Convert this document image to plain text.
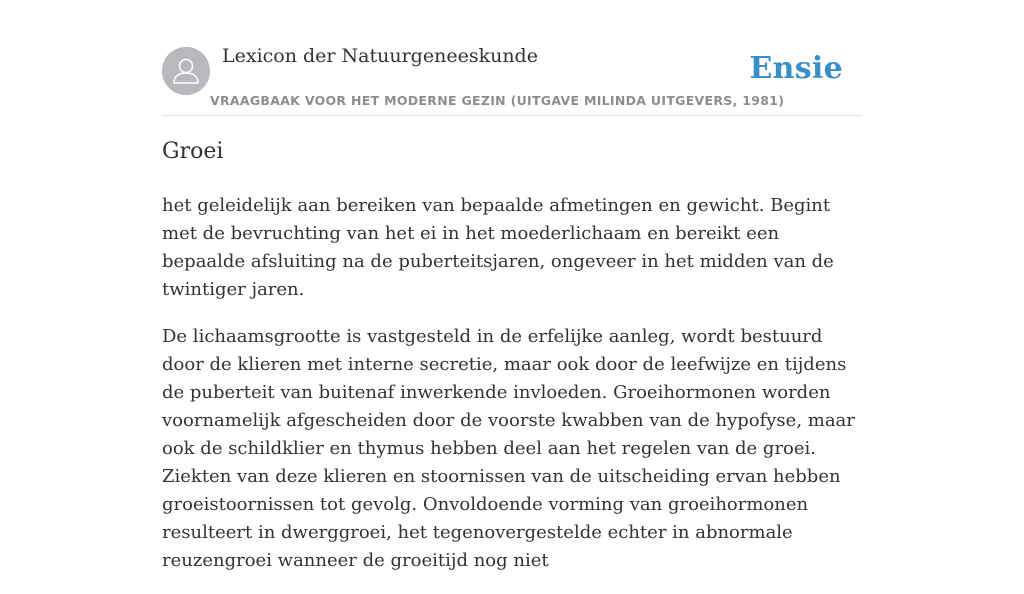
Lexicon der Natuurgeneeskunde
VRAAGBAAK VOOR HET MODERNE GEZIN (UITGAVE MILINDA UITGEVERS, 1981)
Ensie
Groei

het geleidelijk aan bereiken van bepaalde afmetingen en gewicht. Begint met de bevruchting van het ei in het moederlichaam en bereikt een bepaalde afsluiting na de puberteitsjaren, ongeveer in het midden van de twintiger jaren.

De lichaamsgrootte is vastgesteld in de erfelijke aanleg, wordt bestuurd door de klieren met interne secretie, maar ook door de leefwijze en tijdens de puberteit van buitenaf inwerkende invloeden. Groeihormonen worden voornamelijk afgescheiden door de voorste kwabben van de hypofyse, maar ook de schildklier en thymus hebben deel aan het regelen van de groei. Ziekten van deze klieren en stoornissen van de uitscheiding ervan hebben groeistoornissen tot gevolg. Onvoldoende vorming van groeihormonen resulteert in dwerggroei, het tegenovergestelde echter in abnormale reuzengroei wanneer de groeitijd nog niet
